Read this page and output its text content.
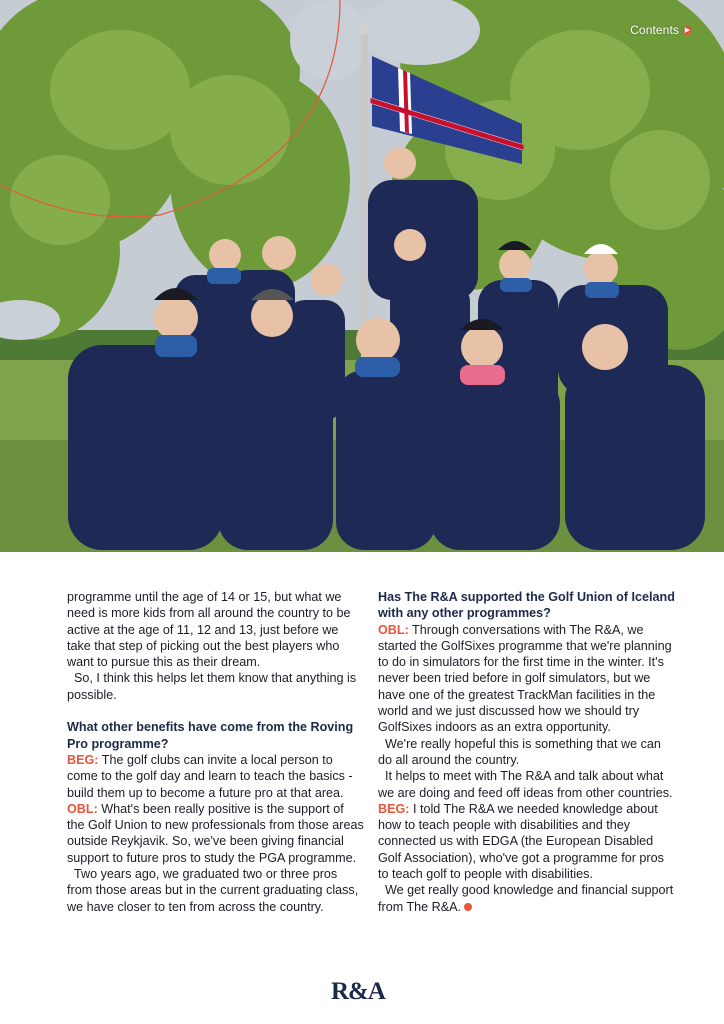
Contents ▶

programme until the age of 14 or 15, but what we need is more kids from all around the country to be active at the age of 11, 12 and 13, just before we take that step of picking out the best players who want to pursue this as their dream.

So, I think this helps let them know that anything is possible.

What other benefits have come from the Roving Pro programme?

BEG: The golf clubs can invite a local person to come to the golf day and learn to teach the basics - build them up to become a future pro at that area.

OBL: What's been really positive is the support of the Golf Union to new professionals from those areas outside Reykjavik. So, we've been giving financial support to future pros to study the PGA programme.

Two years ago, we graduated two or three pros from those areas but in the current graduating class, we have closer to ten from across the country.

Has The R&A supported the Golf Union of Iceland with any other programmes?

OBL: Through conversations with The R&A, we started the GolfSixes programme that we're planning to do in simulators for the first time in the winter. It's never been tried before in golf simulators, but we have one of the greatest TrackMan facilities in the world and we just discussed how we should try GolfSixes indoors as an extra opportunity.

We're really hopeful this is something that we can do all around the country.

It helps to meet with The R&A and talk about what we are doing and feed off ideas from other countries.

BEG: I told The R&A we needed knowledge about how to teach people with disabilities and they connected us with EDGA (the European Disabled Golf Association), who've got a programme for pros to teach golf to people with disabilities.

We get really good knowledge and financial support from The R&A.

R&A
